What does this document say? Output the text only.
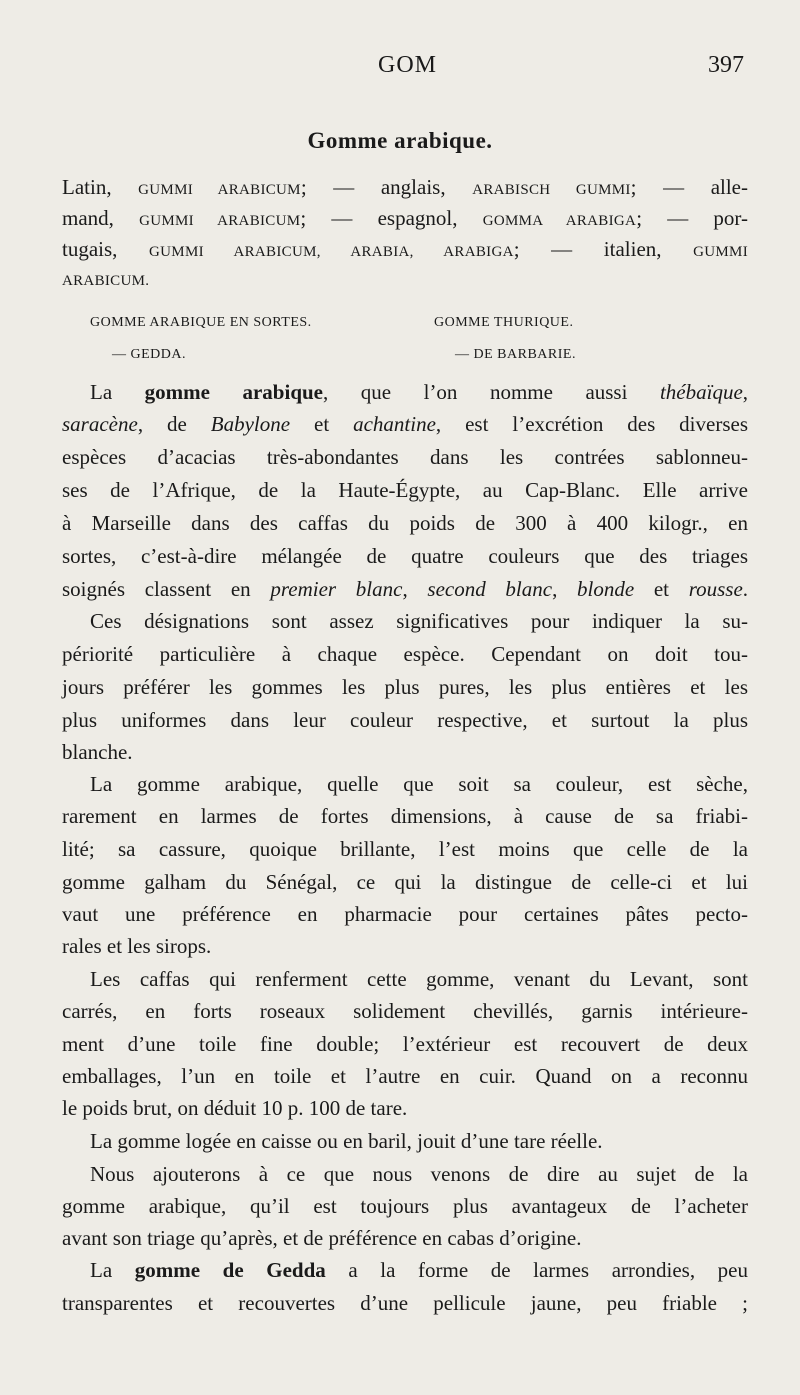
GOM	397
Gomme arabique.
Latin, GUMMI ARABICUM; — anglais, ARABISCH GUMMI; — alle-
mand, GUMMI ARABICUM; — espagnol, GOMMA ARABIGA; — por-
tugais, GUMMI ARABICUM, ARABIA, ARABIGA; — italien, GUMMI
ARABICUM.
GOMME ARABIQUE EN SORTES.	GOMME THURIQUE.
— GEDDA.	— DE BARBARIE.
La gomme arabique, que l’on nomme aussi thébaïque,
saracène, de Babylone et achantine, est l’excrétion des diverses
espèces d’acacias très-abondantes dans les contrées sablonneu-
ses de l’Afrique, de la Haute-Égypte, au Cap-Blanc. Elle arrive
à Marseille dans des caffas du poids de 300 à 400 kilogr., en
sortes, c’est-à-dire mélangée de quatre couleurs que des triages
soignés classent en premier blanc, second blanc, blonde et rousse.
Ces désignations sont assez significatives pour indiquer la su-
périorité particulière à chaque espèce. Cependant on doit tou-
jours préférer les gommes les plus pures, les plus entières et les
plus uniformes dans leur couleur respective, et surtout la plus
blanche.
La gomme arabique, quelle que soit sa couleur, est sèche,
rarement en larmes de fortes dimensions, à cause de sa friabi-
lité; sa cassure, quoique brillante, l’est moins que celle de la
gomme galham du Sénégal, ce qui la distingue de celle-ci et lui
vaut une préférence en pharmacie pour certaines pâtes pecto-
rales et les sirops.
Les caffas qui renferment cette gomme, venant du Levant, sont
carrés, en forts roseaux solidement chevillés, garnis intérieure-
ment d’une toile fine double; l’extérieur est recouvert de deux
emballages, l’un en toile et l’autre en cuir. Quand on a reconnu
le poids brut, on déduit 10 p. 100 de tare.
La gomme logée en caisse ou en baril, jouit d’une tare réelle.
Nous ajouterons à ce que nous venons de dire au sujet de la
gomme arabique, qu’il est toujours plus avantageux de l’acheter
avant son triage qu’après, et de préférence en cabas d’origine.
La gomme de Gedda a la forme de larmes arrondies, peu
transparentes et recouvertes d’une pellicule jaune, peu friable ;
